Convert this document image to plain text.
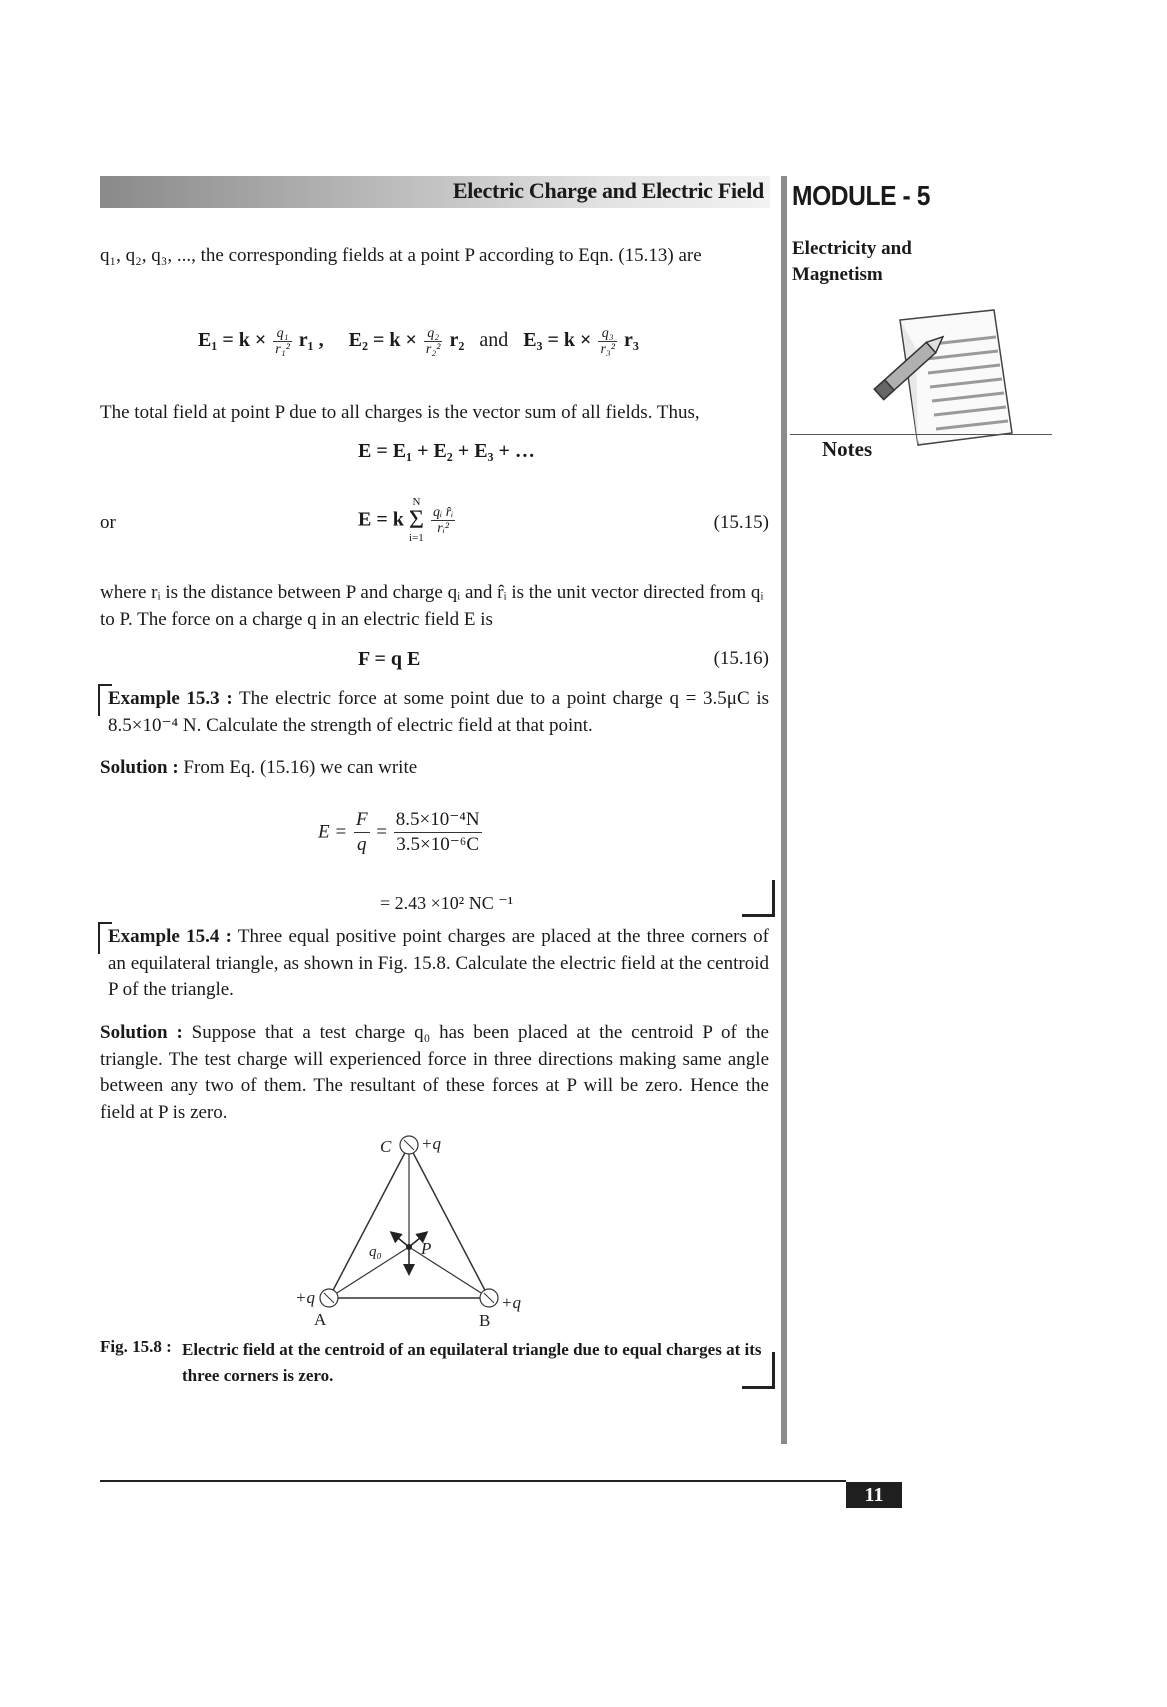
Electric Charge and Electric Field MODULE - 5
Electricity and
Magnetism
Notes
q₁, q₂, q₃, ..., the corresponding fields at a point P according to Eqn. (15.13) are
$E_1 = k \times \frac{\text{q₁}}{\text{r₁²}} r_1$ , $E_2 = k \times \frac{\text{q₂}}{\text{r₂²}} r_2$ and $E_3 = k \times \frac{\text{q₃}}{\text{r₃²}} r_3$
The total field at point P due to all charges is the vector sum of all fields. Thus,
E = E₁ + E₂ + E₃ + …
or	E = k
N
Σ
i=1

$\frac{\text{qᵢ r̂ᵢ}}{\text{rᵢ²}}$	(15.15)
where rᵢ is the distance between P and charge qᵢ and r̂ᵢ is the unit vector directed from qᵢ
to P. The force on a charge q in an electric field E is
F = q E	(15.16)
Example 15.3 : The electric force at some point due to a point charge q = 3.5μC is 8.5×10⁻⁴ N. Calculate the strength of electric field at that point.
Solution : From Eq. (15.16) we can write
$E = \frac{F}{q} = \frac{\text{8.5×10⁻⁴N}}{\text{3.5×10⁻⁶C}}$
= 2.43 ×10² NC ⁻¹
Example 15.4 : Three equal positive point charges are placed at the three corners of an equilateral triangle, as shown in Fig. 15.8. Calculate the electric field at the centroid P of the triangle.
Solution : Suppose that a test charge q₀ has been placed at the centroid P of the triangle. The test charge will experienced force in three directions making same angle between any two of them. The resultant of these forces at P will be zero. Hence the field at P is zero.
C +q
+q
A
+q
B
P
q₀
Fig. 15.8 : Electric field at the centroid of an equilateral triangle due to equal charges at its three corners is zero.
11
